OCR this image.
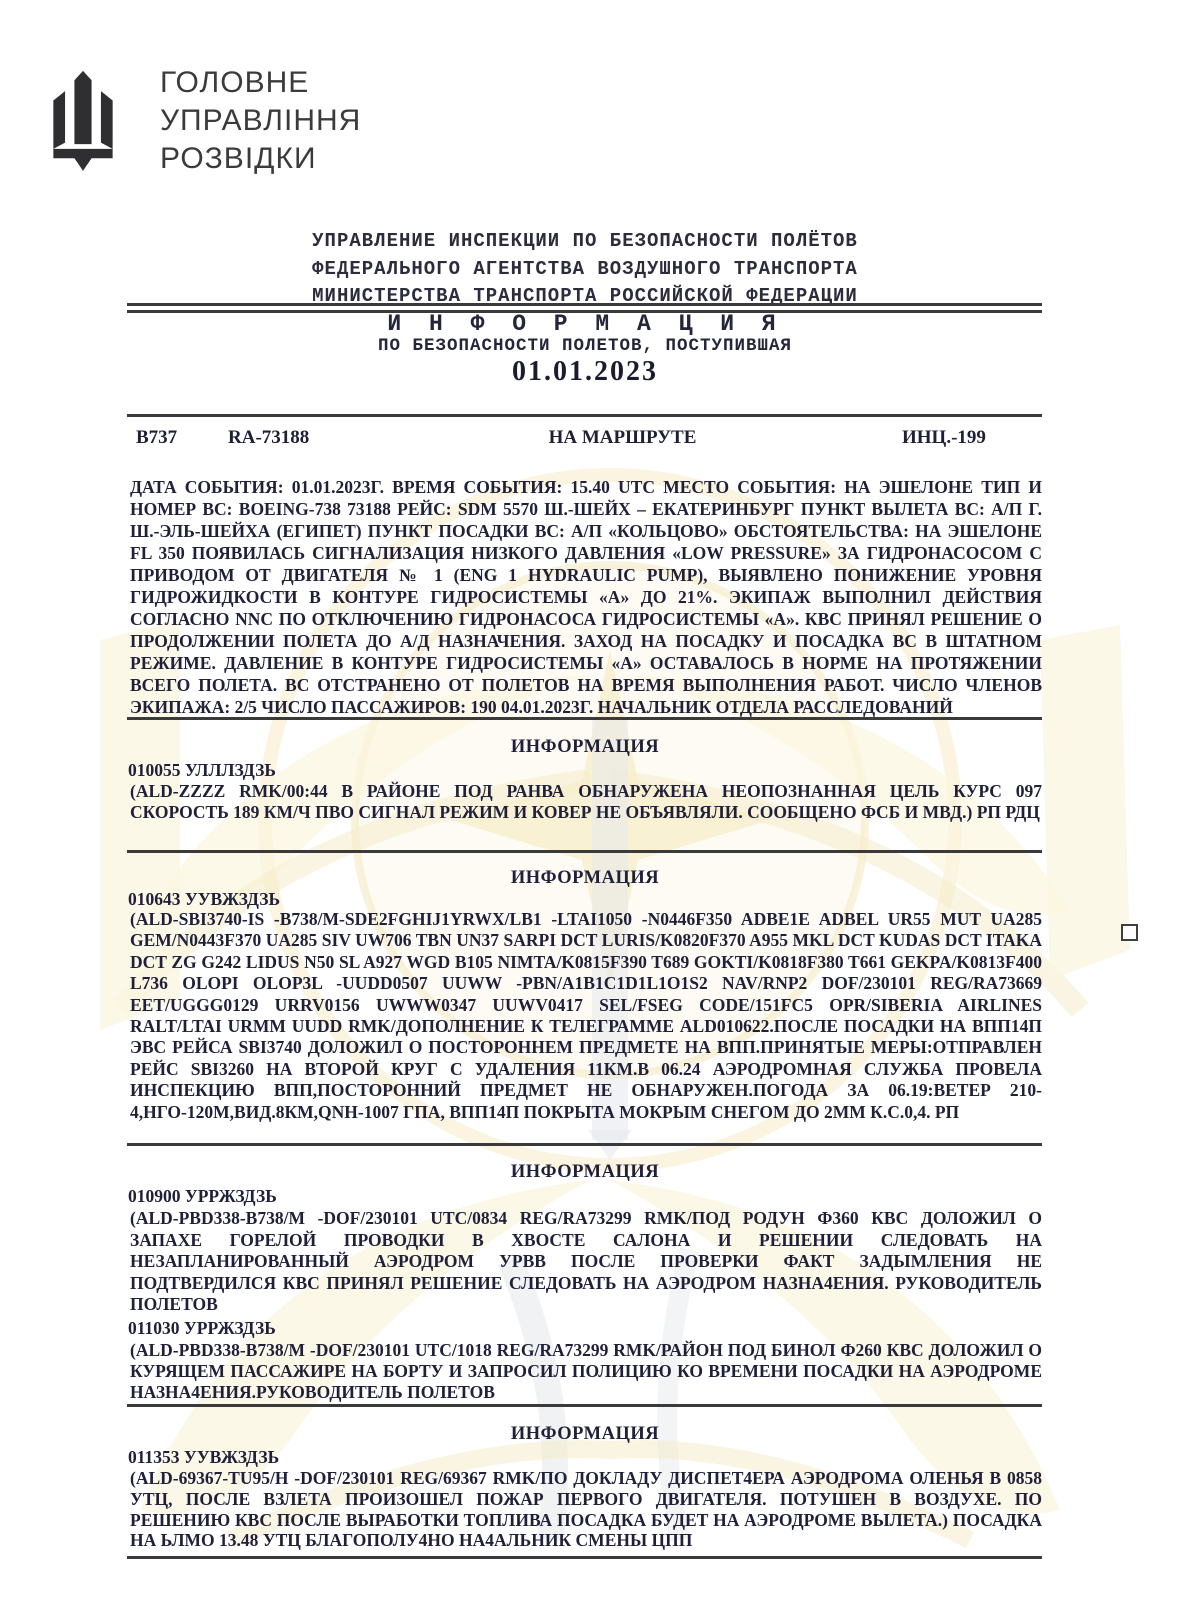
ГОЛОВНЕ
УПРАВЛІННЯ
РОЗВІДКИ
УПРАВЛЕНИЕ ИНСПЕКЦИИ ПО БЕЗОПАСНОСТИ ПОЛЁТОВ
ФЕДЕРАЛЬНОГО АГЕНТСТВА ВОЗДУШНОГО ТРАНСПОРТА
МИНИСТЕРСТВА ТРАНСПОРТА РОССИЙСКОЙ ФЕДЕРАЦИИ
И Н Ф О Р М А Ц И Я
ПО БЕЗОПАСНОСТИ ПОЛЕТОВ, ПОСТУПИВШАЯ
01.01.2023
B737	RA-73188	НА МАРШРУТЕ	ИНЦ.-199
ДАТА СОБЫТИЯ: 01.01.2023Г. ВРЕМЯ СОБЫТИЯ: 15.40 UTC МЕСТО СОБЫТИЯ: НА ЭШЕЛОНЕ ТИП И НОМЕР ВС: BOEING-738 73188 РЕЙС: SDM 5570 Ш.-ШЕЙХ – ЕКАТЕРИНБУРГ ПУНКТ ВЫЛЕТА ВС: А/П Г. Ш.-ЭЛЬ-ШЕЙХА (ЕГИПЕТ) ПУНКТ ПОСАДКИ ВС: А/П «КОЛЬЦОВО» ОБСТОЯТЕЛЬСТВА: НА ЭШЕЛОНЕ FL 350 ПОЯВИЛАСЬ СИГНАЛИЗАЦИЯ НИЗКОГО ДАВЛЕНИЯ «LOW PRESSURE» ЗА ГИДРОНАСОСОМ С ПРИВОДОМ ОТ ДВИГАТЕЛЯ № 1 (ENG 1 HYDRAULIC PUMP), ВЫЯВЛЕНО ПОНИЖЕНИЕ УРОВНЯ ГИДРОЖИДКОСТИ В КОНТУРЕ ГИДРОСИСТЕМЫ «А» ДО 21%. ЭКИПАЖ ВЫПОЛНИЛ ДЕЙСТВИЯ СОГЛАСНО NNC ПО ОТКЛЮЧЕНИЮ ГИДРОНАСОСА ГИДРОСИСТЕМЫ «А». КВС ПРИНЯЛ РЕШЕНИЕ О ПРОДОЛЖЕНИИ ПОЛЕТА ДО А/Д НАЗНАЧЕНИЯ. ЗАХОД НА ПОСАДКУ И ПОСАДКА ВС В ШТАТНОМ РЕЖИМЕ. ДАВЛЕНИЕ В КОНТУРЕ ГИДРОСИСТЕМЫ «А» ОСТАВАЛОСЬ В НОРМЕ НА ПРОТЯЖЕНИИ ВСЕГО ПОЛЕТА. ВС ОТСТРАНЕНО ОТ ПОЛЕТОВ НА ВРЕМЯ ВЫПОЛНЕНИЯ РАБОТ. ЧИСЛО ЧЛЕНОВ ЭКИПАЖА: 2/5 ЧИСЛО ПАССАЖИРОВ: 190 04.01.2023Г. НАЧАЛЬНИК ОТДЕЛА РАССЛЕДОВАНИЙ
ИНФОРМАЦИЯ
010055 УЛЛЛЗДЗЬ
(ALD-ZZZZ RMK/00:44 В РАЙОНЕ ПОД РАНВА ОБНАРУЖЕНА НЕОПОЗНАННАЯ ЦЕЛЬ КУРС 097 СКОРОСТЬ 189 КМ/Ч ПВО СИГНАЛ РЕЖИМ И КОВЕР НЕ ОБЪЯВЛЯЛИ. СООБЩЕНО ФСБ И МВД.) РП РДЦ
ИНФОРМАЦИЯ
010643 УУВЖЗДЗЬ
(ALD-SBI3740-IS -B738/M-SDE2FGHIJ1YRWX/LB1 -LTAI1050 -N0446F350 ADBE1E ADBEL UR55 MUT UA285 GEM/N0443F370 UA285 SIV UW706 TBN UN37 SARPI DCT LURIS/K0820F370 A955 MKL DCT KUDAS DCT ITAKA DCT ZG G242 LIDUS N50 SL A927 WGD B105 NIMTA/K0815F390 T689 GOKTI/K0818F380 T661 GEKPA/K0813F400 L736 OLOPI OLOP3L -UUDD0507 UUWW -PBN/A1B1C1D1L1O1S2 NAV/RNP2 DOF/230101 REG/RA73669 EET/UGGG0129 URRV0156 UWWW0347 UUWV0417 SEL/FSEG CODE/151FC5 OPR/SIBERIA AIRLINES RALT/LTAI URMM UUDD RMK/ДОПОЛНЕНИЕ К ТЕЛЕГРАММЕ ALD010622.ПОСЛЕ ПОСАДКИ НА ВПП14П ЭВС РЕЙСА SBI3740 ДОЛОЖИЛ О ПОСТОРОННЕМ ПРЕДМЕТЕ НА ВПП.ПРИНЯТЫЕ МЕРЫ:ОТПРАВЛЕН РЕЙС SBI3260 НА ВТОРОЙ КРУГ С УДАЛЕНИЯ 11КМ.В 06.24 АЭРОДРОМНАЯ СЛУЖБА ПРОВЕЛА ИНСПЕКЦИЮ ВПП,ПОСТОРОННИЙ ПРЕДМЕТ НЕ ОБНАРУЖЕН.ПОГОДА ЗА 06.19:ВЕТЕР 210-4,НГО-120М,ВИД.8КМ,QNH-1007 ГПА, ВПП14П ПОКРЫТА МОКРЫМ СНЕГОМ ДО 2ММ К.С.0,4. РП
ИНФОРМАЦИЯ
010900 УРРЖЗДЗЬ
(ALD-PBD338-B738/M -DOF/230101 UTC/0834 REG/RA73299 RMK/ПОД РОДУН Ф360 КВС ДОЛОЖИЛ О ЗАПАХЕ ГОРЕЛОЙ ПРОВОДКИ В ХВОСТЕ САЛОНА И РЕШЕНИИ СЛЕДОВАТЬ НА НЕЗАПЛАНИРОВАННЫЙ АЭРОДРОМ УРВВ ПОСЛЕ ПРОВЕРКИ ФАКТ ЗАДЫМЛЕНИЯ НЕ ПОДТВЕРДИЛСЯ КВС ПРИНЯЛ РЕШЕНИЕ СЛЕДОВАТЬ НА АЭРОДРОМ НАЗНА4ЕНИЯ. РУКОВОДИТЕЛЬ ПОЛЕТОВ
011030 УРРЖЗДЗЬ
(ALD-PBD338-B738/M -DOF/230101 UTC/1018 REG/RA73299 RMK/РАЙОН ПОД БИНОЛ Ф260 КВС ДОЛОЖИЛ О КУРЯЩЕМ ПАССАЖИРЕ НА БОРТУ И ЗАПРОСИЛ ПОЛИЦИЮ КО ВРЕМЕНИ ПОСАДКИ НА АЭРОДРОМЕ НАЗНА4ЕНИЯ.РУКОВОДИТЕЛЬ ПОЛЕТОВ
ИНФОРМАЦИЯ
011353 УУВЖЗДЗЬ
(ALD-69367-TU95/H -DOF/230101 REG/69367 RMK/ПО ДОКЛАДУ ДИСПЕТ4ЕРА АЭРОДРОМА ОЛЕНЬЯ В 0858 УТЦ, ПОСЛЕ ВЗЛЕТА ПРОИЗОШЕЛ ПОЖАР ПЕРВОГО ДВИГАТЕЛЯ. ПОТУШЕН В ВОЗДУХЕ. ПО РЕШЕНИЮ КВС ПОСЛЕ ВЫРАБОТКИ ТОПЛИВА ПОСАДКА БУДЕТ НА АЭРОДРОМЕ ВЫЛЕТА.) ПОСАДКА НА ЬЛМО 13.48 УТЦ БЛАГОПОЛУ4НО НА4АЛЬНИК СМЕНЫ ЦПП
